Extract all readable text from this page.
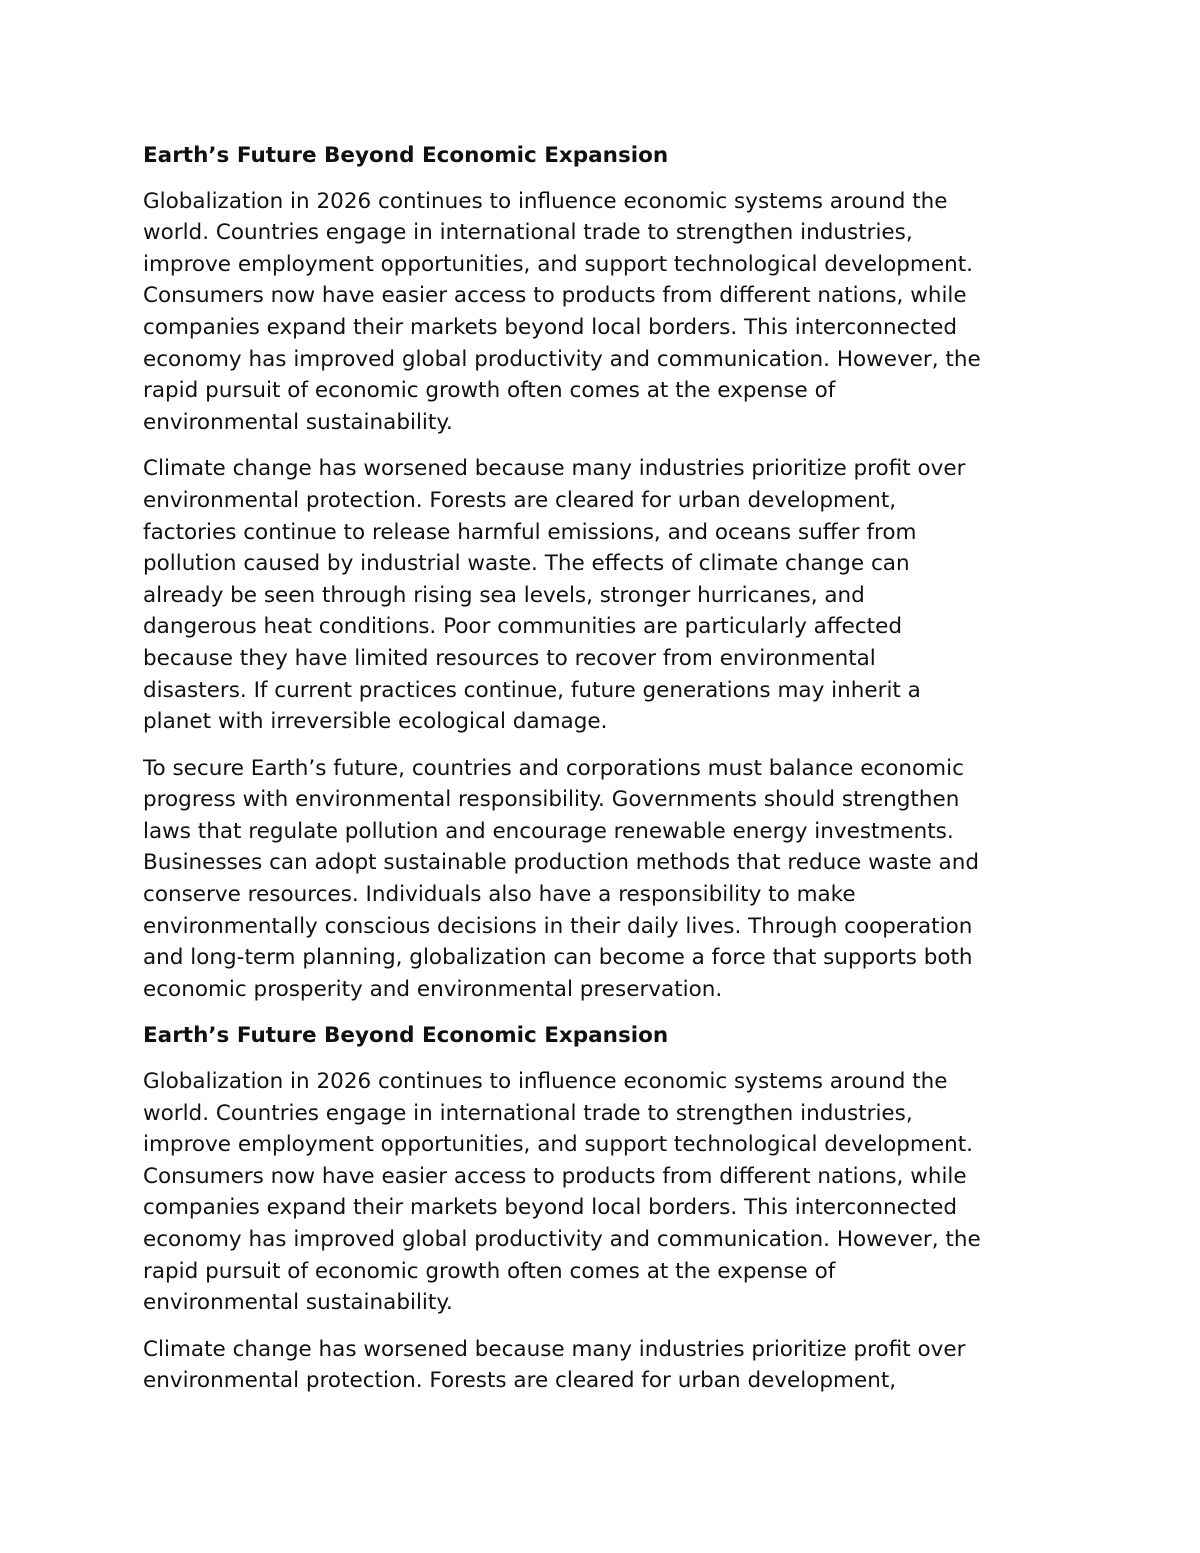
Earth’s Future Beyond Economic Expansion
Globalization in 2026 continues to influence economic systems around the
world. Countries engage in international trade to strengthen industries,
improve employment opportunities, and support technological development.
Consumers now have easier access to products from different nations, while
companies expand their markets beyond local borders. This interconnected
economy has improved global productivity and communication. However, the
rapid pursuit of economic growth often comes at the expense of
environmental sustainability.
Climate change has worsened because many industries prioritize profit over
environmental protection. Forests are cleared for urban development,
factories continue to release harmful emissions, and oceans suffer from
pollution caused by industrial waste. The effects of climate change can
already be seen through rising sea levels, stronger hurricanes, and
dangerous heat conditions. Poor communities are particularly affected
because they have limited resources to recover from environmental
disasters. If current practices continue, future generations may inherit a
planet with irreversible ecological damage.
To secure Earth’s future, countries and corporations must balance economic
progress with environmental responsibility. Governments should strengthen
laws that regulate pollution and encourage renewable energy investments.
Businesses can adopt sustainable production methods that reduce waste and
conserve resources. Individuals also have a responsibility to make
environmentally conscious decisions in their daily lives. Through cooperation
and long-term planning, globalization can become a force that supports both
economic prosperity and environmental preservation.
Earth’s Future Beyond Economic Expansion
Globalization in 2026 continues to influence economic systems around the
world. Countries engage in international trade to strengthen industries,
improve employment opportunities, and support technological development.
Consumers now have easier access to products from different nations, while
companies expand their markets beyond local borders. This interconnected
economy has improved global productivity and communication. However, the
rapid pursuit of economic growth often comes at the expense of
environmental sustainability.
Climate change has worsened because many industries prioritize profit over
environmental protection. Forests are cleared for urban development,
